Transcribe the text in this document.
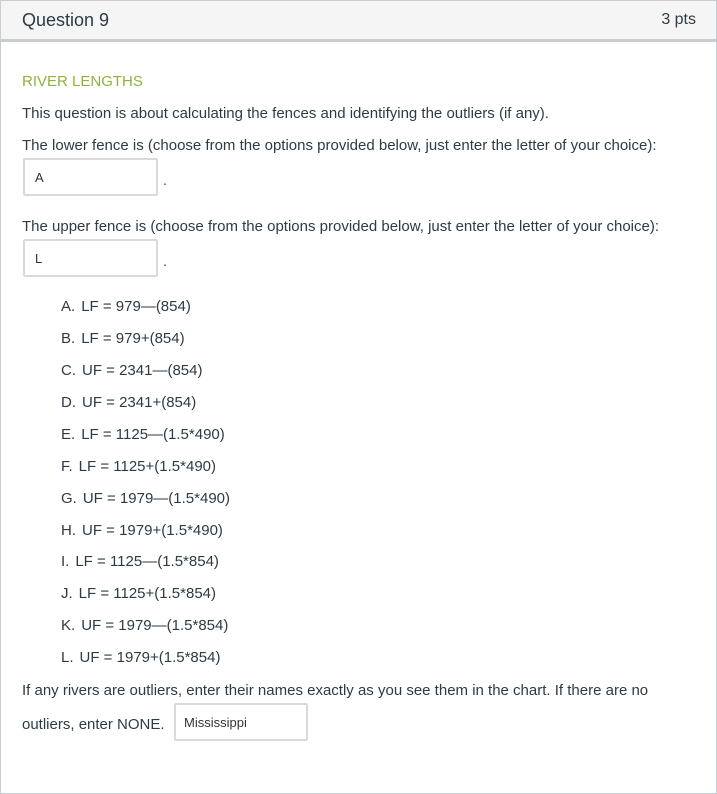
Question 9	3 pts
RIVER LENGTHS
This question is about calculating the fences and identifying the outliers (if any).
The lower fence is (choose from the options provided below, just enter the letter of your choice):
A
.
The upper fence is (choose from the options provided below, just enter the letter of your choice):
L
.
A. LF = 979—(854)
B. LF = 979+(854)
C. UF = 2341—(854)
D. UF = 2341+(854)
E. LF = 1125—(1.5*490)
F. LF = 1125+(1.5*490)
G. UF = 1979—(1.5*490)
H. UF = 1979+(1.5*490)
I. LF = 1125—(1.5*854)
J. LF = 1125+(1.5*854)
K. UF = 1979—(1.5*854)
L. UF = 1979+(1.5*854)
If any rivers are outliers, enter their names exactly as you see them in the chart. If there are no
outliers, enter NONE.
Mississippi
